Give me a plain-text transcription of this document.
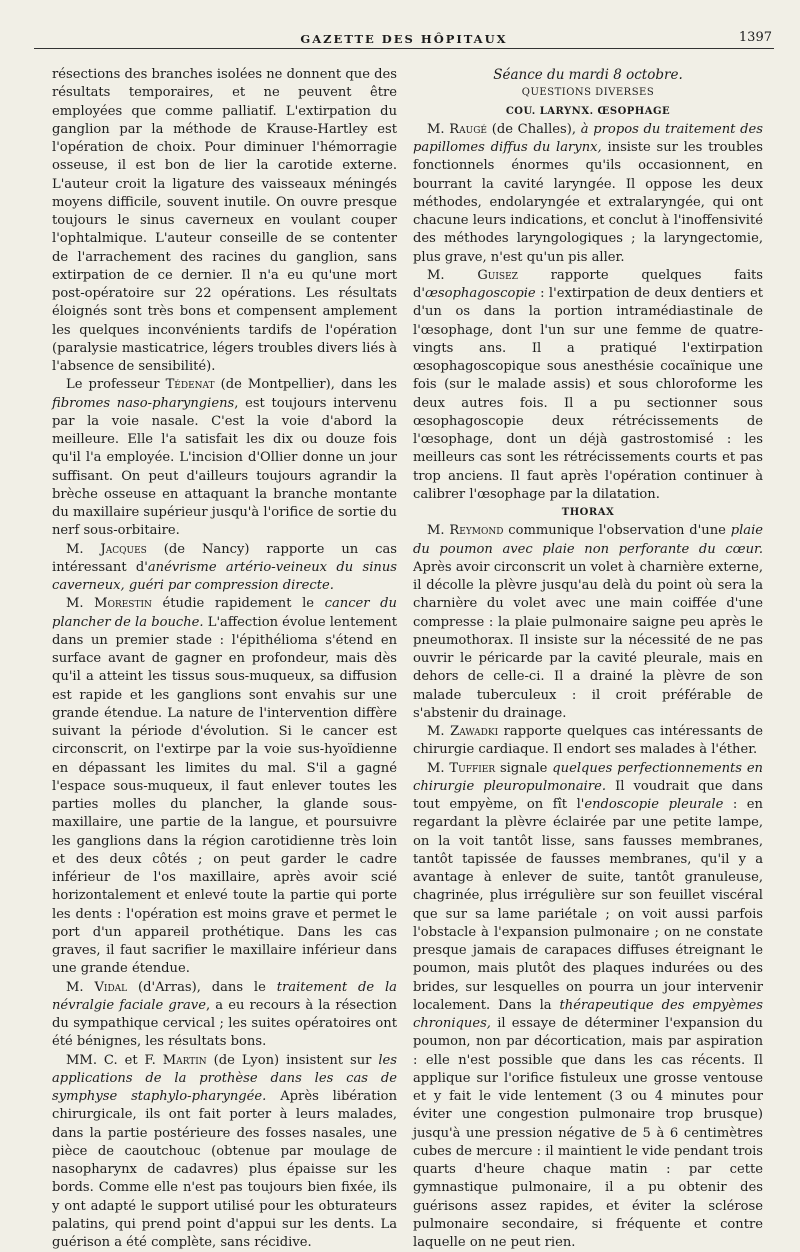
GAZETTE DES HÔPITAUX	1397

résections des branches isolées ne donnent que des résultats temporaires, et ne peuvent être employées que comme palliatif. L'extirpation du ganglion par la méthode de Krause-Hartley est l'opération de choix. Pour diminuer l'hémorragie osseuse, il est bon de lier la carotide externe. L'auteur croit la ligature des vaisseaux méningés moyens difficile, souvent inutile. On ouvre presque toujours le sinus caverneux en voulant couper l'ophtalmique. L'auteur conseille de se contenter de l'arrachement des racines du ganglion, sans extirpation de ce dernier. Il n'a eu qu'une mort post-opératoire sur 22 opérations. Les résultats éloignés sont très bons et compensent amplement les quelques inconvénients tardifs de l'opération (paralysie masticatrice, légers troubles divers liés à l'absence de sensibilité).

Le professeur Tédenat (de Montpellier), dans les fibromes naso-pharyngiens, est toujours intervenu par la voie nasale. C'est la voie d'abord la meilleure. Elle l'a satisfait les dix ou douze fois qu'il l'a employée. L'incision d'Ollier donne un jour suffisant. On peut d'ailleurs toujours agrandir la brèche osseuse en attaquant la branche montante du maxillaire supérieur jusqu'à l'orifice de sortie du nerf sous-orbitaire.

M. Jacques (de Nancy) rapporte un cas intéressant d'anévrisme artério-veineux du sinus caverneux, guéri par compression directe.

M. Morestin étudie rapidement le cancer du plancher de la bouche. L'affection évolue lentement dans un premier stade : l'épithélioma s'étend en surface avant de gagner en profondeur, mais dès qu'il a atteint les tissus sous-muqueux, sa diffusion est rapide et les ganglions sont envahis sur une grande étendue. La nature de l'intervention diffère suivant la période d'évolution. Si le cancer est circonscrit, on l'extirpe par la voie sus-hyoïdienne en dépassant les limites du mal. S'il a gagné l'espace sous-muqueux, il faut enlever toutes les parties molles du plancher, la glande sous-maxillaire, une partie de la langue, et poursuivre les ganglions dans la région carotidienne très loin et des deux côtés ; on peut garder le cadre inférieur de l'os maxillaire, après avoir scié horizontalement et enlevé toute la partie qui porte les dents : l'opération est moins grave et permet le port d'un appareil prothétique. Dans les cas graves, il faut sacrifier le maxillaire inférieur dans une grande étendue.

M. Vidal (d'Arras), dans le traitement de la névralgie faciale grave, a eu recours à la résection du sympathique cervical ; les suites opératoires ont été bénignes, les résultats bons.

MM. C. et F. Martin (de Lyon) insistent sur les applications de la prothèse dans les cas de symphyse staphylo-pharyngée. Après libération chirurgicale, ils ont fait porter à leurs malades, dans la partie postérieure des fosses nasales, une pièce de caoutchouc (obtenue par moulage de nasopharynx de cadavres) plus épaisse sur les bords. Comme elle n'est pas toujours bien fixée, ils y ont adapté le support utilisé pour les obturateurs palatins, qui prend point d'appui sur les dents. La guérison a été complète, sans récidive.

Séance du mardi 8 octobre.

QUESTIONS DIVERSES

COU. LARYNX. ŒSOPHAGE

M. Raugé (de Challes), à propos du traitement des papillomes diffus du larynx, insiste sur les troubles fonctionnels énormes qu'ils occasionnent, en bourrant la cavité laryngée. Il oppose les deux méthodes, endolaryngée et extralaryngée, qui ont chacune leurs indications, et conclut à l'inoffensivité des méthodes laryngologiques ; la laryngectomie, plus grave, n'est qu'un pis aller.

M. Guisez rapporte quelques faits d'œsophagoscopie : l'extirpation de deux dentiers et d'un os dans la portion intramédiastinale de l'œsophage, dont l'un sur une femme de quatre-vingts ans. Il a pratiqué l'extirpation œsophagoscopique sous anesthésie cocaïnique une fois (sur le malade assis) et sous chloroforme les deux autres fois. Il a pu sectionner sous œsophagoscopie deux rétrécissements de l'œsophage, dont un déjà gastrostomisé : les meilleurs cas sont les rétrécissements courts et pas trop anciens. Il faut après l'opération continuer à calibrer l'œsophage par la dilatation.

THORAX

M. Reymond communique l'observation d'une plaie du poumon avec plaie non perforante du cœur. Après avoir circonscrit un volet à charnière externe, il décolle la plèvre jusqu'au delà du point où sera la charnière du volet avec une main coiffée d'une compresse : la plaie pulmonaire saigne peu après le pneumothorax. Il insiste sur la nécessité de ne pas ouvrir le péricarde par la cavité pleurale, mais en dehors de celle-ci. Il a drainé la plèvre de son malade tuberculeux : il croit préférable de s'abstenir du drainage.

M. Zawadki rapporte quelques cas intéressants de chirurgie cardiaque. Il endort ses malades à l'éther.

M. Tuffier signale quelques perfectionnements en chirurgie pleuropulmonaire. Il voudrait que dans tout empyème, on fît l'endoscopie pleurale : en regardant la plèvre éclairée par une petite lampe, on la voit tantôt lisse, sans fausses membranes, tantôt tapissée de fausses membranes, qu'il y a avantage à enlever de suite, tantôt granuleuse, chagrinée, plus irrégulière sur son feuillet viscéral que sur sa lame pariétale ; on voit aussi parfois l'obstacle à l'expansion pulmonaire ; on ne constate presque jamais de carapaces diffuses étreignant le poumon, mais plutôt des plaques indurées ou des brides, sur lesquelles on pourra un jour intervenir localement. Dans la thérapeutique des empyèmes chroniques, il essaye de déterminer l'expansion du poumon, non par décortication, mais par aspiration : elle n'est possible que dans les cas récents. Il applique sur l'orifice fistuleux une grosse ventouse et y fait le vide lentement (3 ou 4 minutes pour éviter une congestion pulmonaire trop brusque) jusqu'à une pression négative de 5 à 6 centimètres cubes de mercure : il maintient le vide pendant trois quarts d'heure chaque matin : par cette gymnastique pulmonaire, il a pu obtenir des guérisons assez rapides, et éviter la sclérose pulmonaire secondaire, si fréquente et contre laquelle on ne peut rien.
